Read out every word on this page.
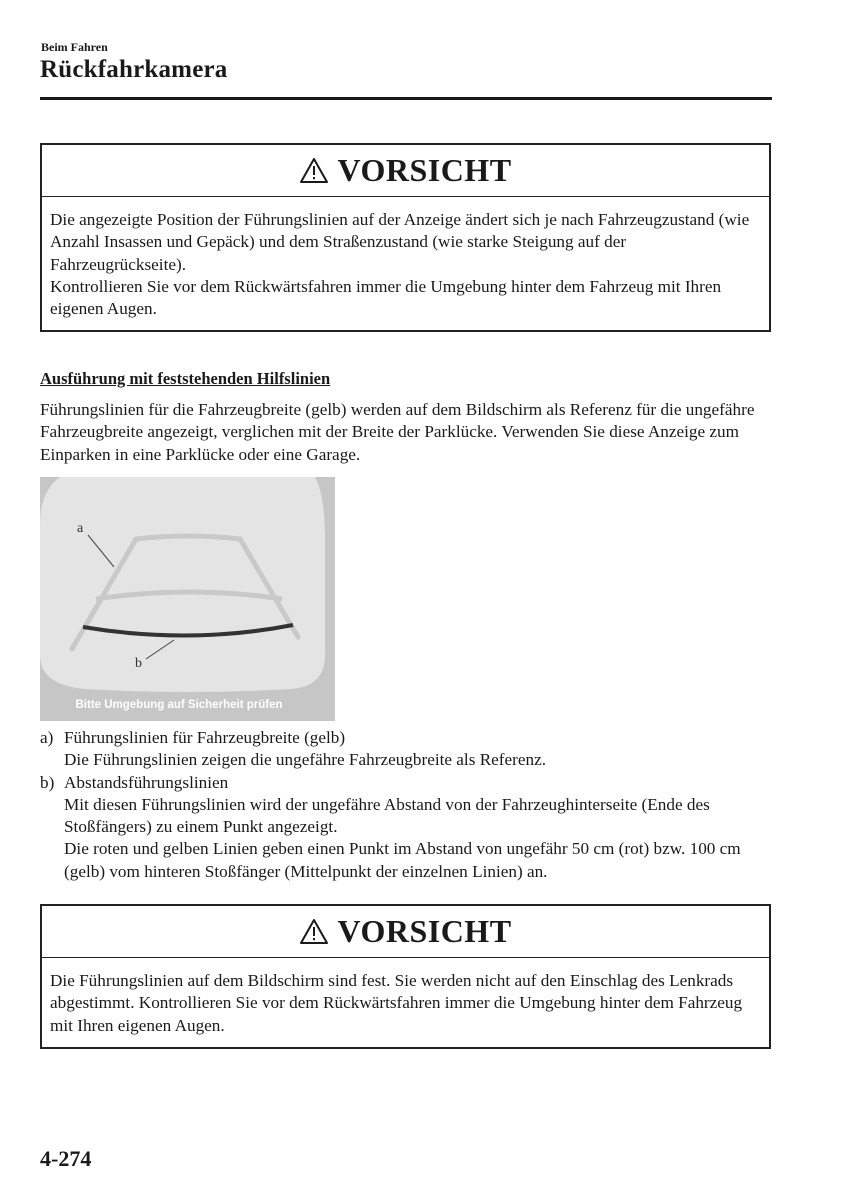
Beim Fahren
Rückfahrkamera
VORSICHT

Die angezeigte Position der Führungslinien auf der Anzeige ändert sich je nach Fahrzeugzustand (wie Anzahl Insassen und Gepäck) und dem Straßenzustand (wie starke Steigung auf der Fahrzeugrückseite).

Kontrollieren Sie vor dem Rückwärtsfahren immer die Umgebung hinter dem Fahrzeug mit Ihren eigenen Augen.

Ausführung mit feststehenden Hilfslinien

Führungslinien für die Fahrzeugbreite (gelb) werden auf dem Bildschirm als Referenz für die ungefähre Fahrzeugbreite angezeigt, verglichen mit der Breite der Parklücke. Verwenden Sie diese Anzeige zum Einparken in eine Parklücke oder eine Garage.

a
b
Bitte Umgebung auf Sicherheit prüfen
a) Führungslinien für Fahrzeugbreite (gelb)
Die Führungslinien zeigen die ungefähre Fahrzeugbreite als Referenz.
b) Abstandsführungslinien
Mit diesen Führungslinien wird der ungefähre Abstand von der Fahrzeughinterseite (Ende des Stoßfängers) zu einem Punkt angezeigt.
Die roten und gelben Linien geben einen Punkt im Abstand von ungefähr 50 cm (rot) bzw. 100 cm (gelb) vom hinteren Stoßfänger (Mittelpunkt der einzelnen Linien) an.
VORSICHT

Die Führungslinien auf dem Bildschirm sind fest. Sie werden nicht auf den Einschlag des Lenkrads abgestimmt. Kontrollieren Sie vor dem Rückwärtsfahren immer die Umgebung hinter dem Fahrzeug mit Ihren eigenen Augen.

4-274
